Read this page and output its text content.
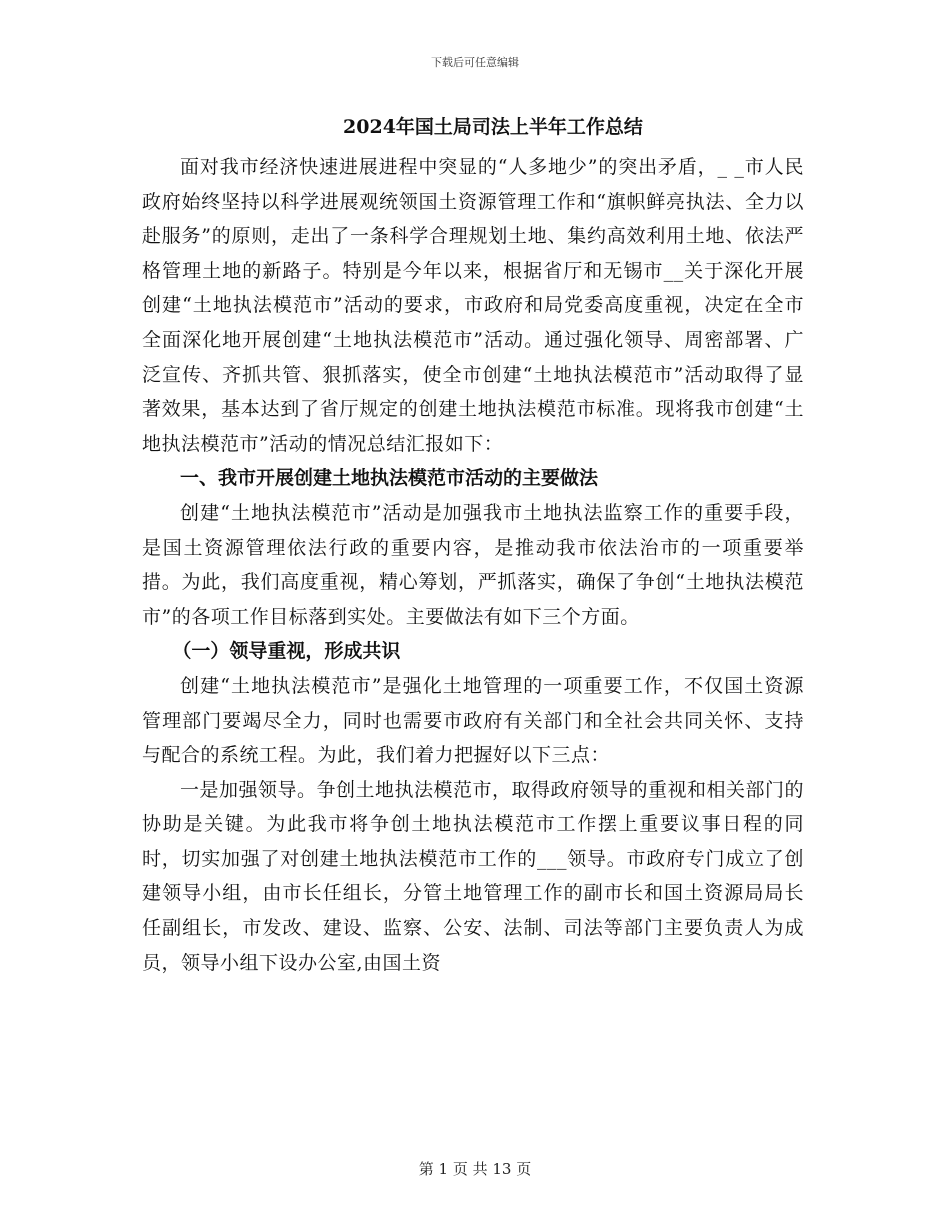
下载后可任意编辑
2024年国土局司法上半年工作总结

面对我市经济快速进展进程中突显的“人多地少”的突出矛盾，_ _市人民政府始终坚持以科学进展观统领国土资源管理工作和“旗帜鲜亮执法、全力以赴服务”的原则，走出了一条科学合理规划土地、集约高效利用土地、依法严格管理土地的新路子。特别是今年以来，根据省厅和无锡市__关于深化开展创建“土地执法模范市”活动的要求，市政府和局党委高度重视，决定在全市全面深化地开展创建“土地执法模范市”活动。通过强化领导、周密部署、广泛宣传、齐抓共管、狠抓落实，使全市创建“土地执法模范市”活动取得了显著效果，基本达到了省厅规定的创建土地执法模范市标准。现将我市创建“土地执法模范市”活动的情况总结汇报如下：

一、我市开展创建土地执法模范市活动的主要做法

创建“土地执法模范市”活动是加强我市土地执法监察工作的重要手段，是国土资源管理依法行政的重要内容，是推动我市依法治市的一项重要举措。为此，我们高度重视，精心筹划，严抓落实，确保了争创“土地执法模范市”的各项工作目标落到实处。主要做法有如下三个方面。

（一）领导重视，形成共识

创建“土地执法模范市”是强化土地管理的一项重要工作，不仅国土资源管理部门要竭尽全力，同时也需要市政府有关部门和全社会共同关怀、支持与配合的系统工程。为此，我们着力把握好以下三点：

一是加强领导。争创土地执法模范市，取得政府领导的重视和相关部门的协助是关键。为此我市将争创土地执法模范市工作摆上重要议事日程的同时，切实加强了对创建土地执法模范市工作的___领导。市政府专门成立了创建领导小组，由市长任组长，分管土地管理工作的副市长和国土资源局局长任副组长，市发改、建设、监察、公安、法制、司法等部门主要负责人为成员，领导小组下设办公室,由国土资

第 1 页 共 13 页
